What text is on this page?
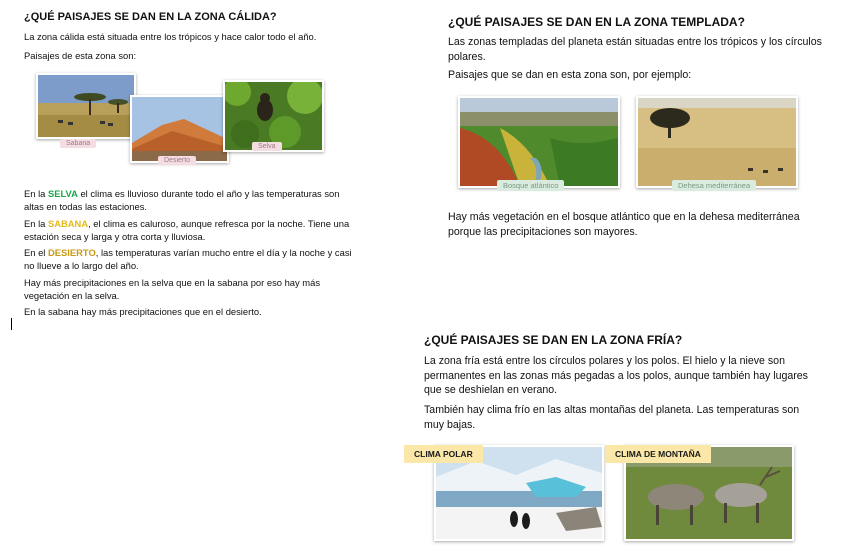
¿QUÉ PAISAJES SE DAN EN LA ZONA CÁLIDA?

La zona cálida está situada entre los trópicos y hace calor todo el año.

Paisajes de esta zona son:

Sabana
Desierto
Selva

En la SELVA el clima es lluvioso durante todo el año y las temperaturas son altas en todas las estaciones.

En la SABANA, el clima es caluroso, aunque refresca por la noche. Tiene una estación seca y larga y otra corta y lluviosa.

En el DESIERTO, las temperaturas varían mucho entre el día y la noche y casi no llueve a lo largo del año.

Hay más precipitaciones en la selva que en la sabana por eso hay más vegetación en la selva.

En la sabana hay más precipitaciones que en el desierto.

¿QUÉ PAISAJES SE DAN EN LA ZONA TEMPLADA?

Las zonas templadas del planeta están situadas entre los trópicos y los círculos polares.

Paisajes que se dan en esta zona son, por ejemplo:

Bosque atlántico	Dehesa mediterránea

Hay más vegetación en el bosque atlántico que en la dehesa mediterránea porque las precipitaciones son mayores.

¿QUÉ PAISAJES SE DAN EN LA ZONA FRÍA?

La zona fría está entre los círculos polares y los polos. El hielo y la nieve son permanentes en las zonas más pegadas a los polos, aunque también hay lugares que se deshielan en verano.

También hay clima frío en las altas montañas del planeta. Las temperaturas son muy bajas.

CLIMA POLAR	CLIMA DE MONTAÑA
